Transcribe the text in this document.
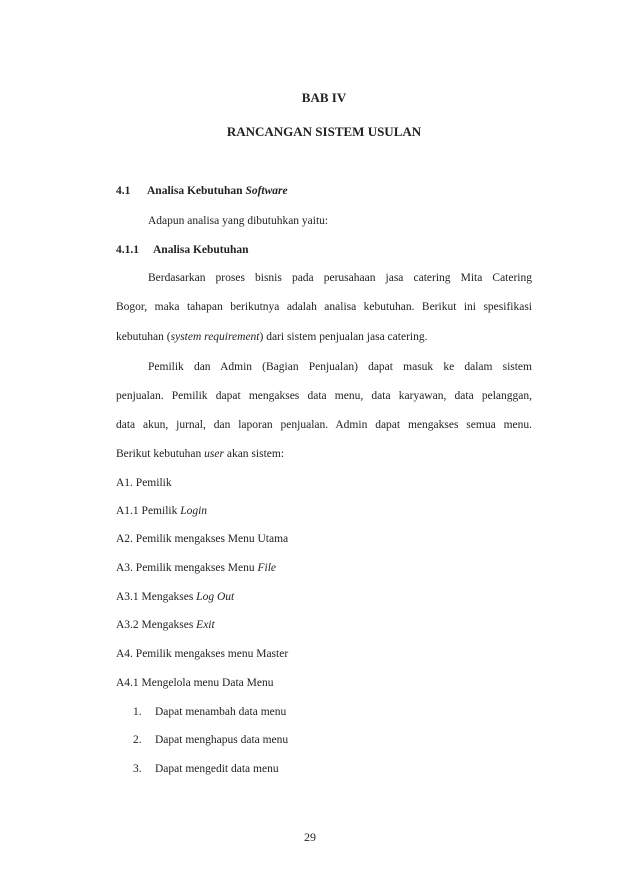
BAB IV
RANCANGAN SISTEM USULAN
4.1 Analisa Kebutuhan Software
Adapun analisa yang dibutuhkan yaitu:
4.1.1 Analisa Kebutuhan
Berdasarkan proses bisnis pada perusahaan jasa catering Mita Catering
Bogor, maka tahapan berikutnya adalah analisa kebutuhan. Berikut ini spesifikasi
kebutuhan (system requirement) dari sistem penjualan jasa catering.
Pemilik dan Admin (Bagian Penjualan) dapat masuk ke dalam sistem
penjualan. Pemilik dapat mengakses data menu, data karyawan, data pelanggan,
data akun, jurnal, dan laporan penjualan. Admin dapat mengakses semua menu.
Berikut kebutuhan user akan sistem:
A1. Pemilik
A1.1 Pemilik Login
A2. Pemilik mengakses Menu Utama
A3. Pemilik mengakses Menu File
A3.1 Mengakses Log Out
A3.2 Mengakses Exit
A4. Pemilik mengakses menu Master
A4.1 Mengelola menu Data Menu
1. Dapat menambah data menu
2. Dapat menghapus data menu
3. Dapat mengedit data menu
29
